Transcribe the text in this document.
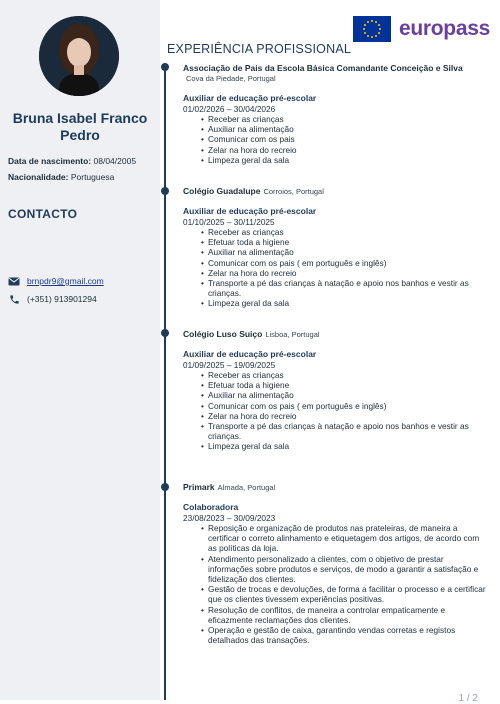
Bruna Isabel Franco
Pedro
Data de nascimento: 08/04/2005
Nacionalidade: Portuguesa
CONTACTO
brnpdr9@gmail.com
(+351) 913901294
europass
EXPERIÊNCIA PROFISSIONAL
Associação de Pais da Escola Básica Comandante Conceição e Silva
Cova da Piedade, Portugal
Auxiliar de educação pré-escolar
01/02/2026 – 30/04/2026
• Receber as crianças
• Auxiliar na alimentação
• Comunicar com os pais
• Zelar na hora do recreio
• Limpeza geral da sala
Colégio Guadalupe Corroios, Portugal
Auxiliar de educação pré-escolar
01/10/2025 – 30/11/2025
• Receber as crianças
• Efetuar toda a higiene
• Auxiliar na alimentação
• Comunicar com os pais ( em português e inglês)
• Zelar na hora do recreio
• Transporte a pé das crianças à natação e apoio nos banhos e vestir as crianças.
• Limpeza geral da sala
Colégio Luso Suiço Lisboa, Portugal
Auxiliar de educação pré-escolar
01/09/2025 – 19/09/2025
• Receber as crianças
• Efetuar toda a higiene
• Auxiliar na alimentação
• Comunicar com os pais ( em português e inglês)
• Zelar na hora do recreio
• Transporte a pé das crianças à natação e apoio nos banhos e vestir as crianças.
• Limpeza geral da sala
Primark Almada, Portugal
Colaboradora
23/08/2023 – 30/09/2023
• Reposição e organização de produtos nas prateleiras, de maneira a certificar o correto alinhamento e etiquetagem dos artigos, de acordo com as políticas da loja.
• Atendimento personalizado a clientes, com o objetivo de prestar informações sobre produtos e serviços, de modo a garantir a satisfação e fidelização dos clientes.
• Gestão de trocas e devoluções, de forma a facilitar o processo e a certificar que os clientes tivessem experiências positivas.
• Resolução de conflitos, de maneira a controlar empaticamente e eficazmente reclamações dos clientes.
• Operação e gestão de caixa, garantindo vendas corretas e registos detalhados das transações.
1 / 2
